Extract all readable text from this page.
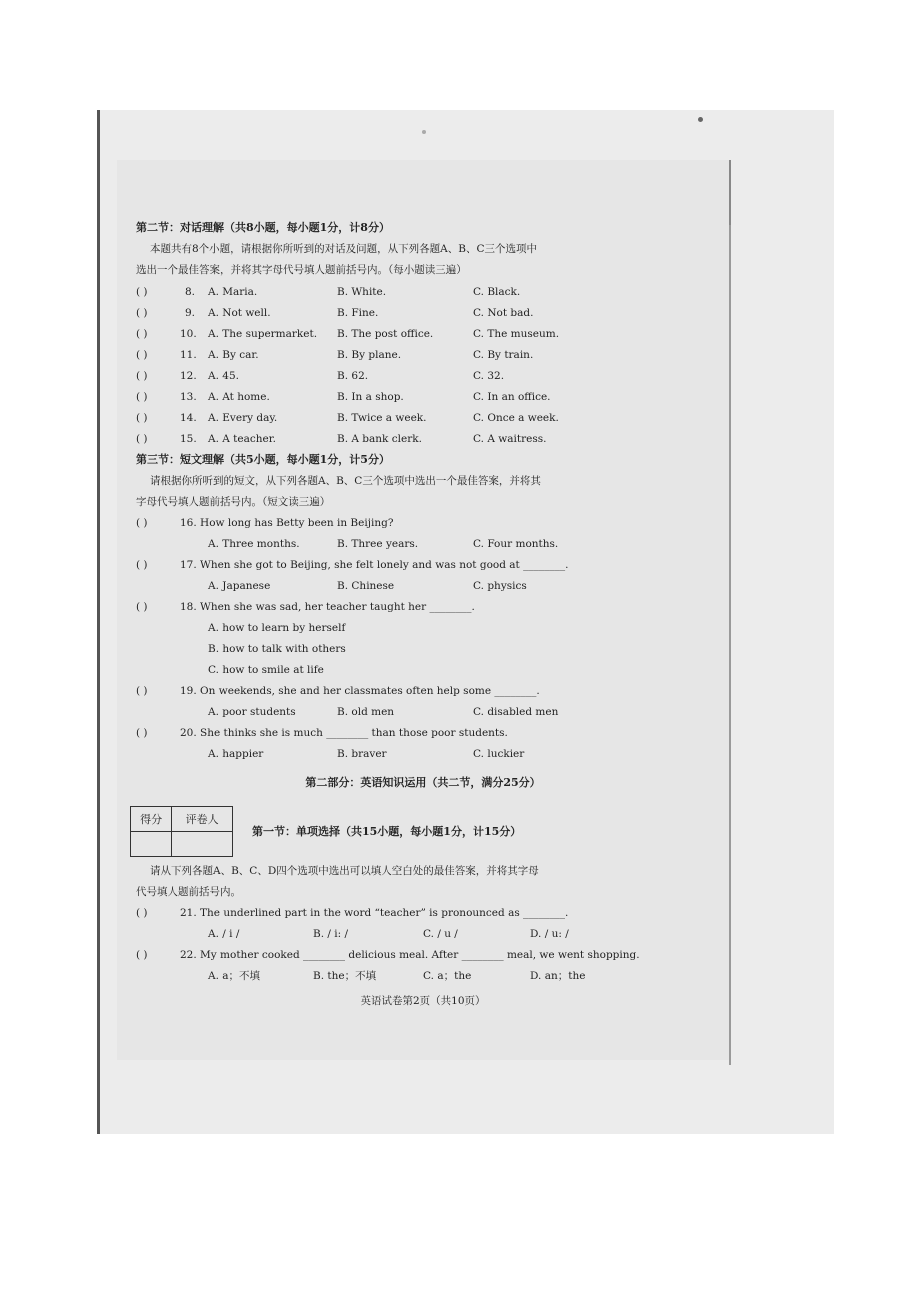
第二节：对话理解（共8小题，每小题1分，计8分）
本题共有8个小题，请根据你所听到的对话及问题，从下列各题A、B、C三个选项中
选出一个最佳答案，并将其字母代号填人题前括号内。（每小题读三遍）
( )	8. A. Maria.	B. White.	C. Black.
( )	9. A. Not well.	B. Fine.	C. Not bad.
( )	10. A. The supermarket. B. The post office.	C. The museum.
( )	11. A. By car.	B. By plane.	C. By train.
( )	12. A. 45.	B. 62.	C. 32.
( )	13. A. At home.	B. In a shop.	C. In an office.
( )	14. A. Every day.	B. Twice a week.	C. Once a week.
( )	15. A. A teacher.	B. A bank clerk.	C. A waitress.
第三节：短文理解（共5小题，每小题1分，计5分）
请根据你所听到的短文，从下列各题A、B、C三个选项中选出一个最佳答案，并将其
字母代号填人题前括号内。（短文读三遍）
( )	16. How long has Betty been in Beijing?
A. Three months.	B. Three years.	C. Four months.
( )	17. When she got to Beijing, she felt lonely and was not good at ________.
A. Japanese	B. Chinese	C. physics
( )	18. When she was sad, her teacher taught her ________.
A. how to learn by herself
B. how to talk with others
C. how to smile at life
( )	19. On weekends, she and her classmates often help some ________.
A. poor students	B. old men	C. disabled men
( )	20. She thinks she is much ________ than those poor students.
A. happier	B. braver	C. luckier
第二部分：英语知识运用（共二节，满分25分）
得分	评卷人

第一节：单项选择（共15小题，每小题1分，计15分）
请从下列各题A、B、C、D四个选项中选出可以填人空白处的最佳答案，并将其字母
代号填人题前括号内。
( )	21. The underlined part in the word “teacher” is pronounced as ________.
A. / i /	B. / i: /	C. / u /	D. / u: /
( )	22. My mother cooked ________ delicious meal. After ________ meal, we went shopping.
A. a；不填	B. the；不填	C. a；the	D. an；the
英语试卷第2页（共10页）
